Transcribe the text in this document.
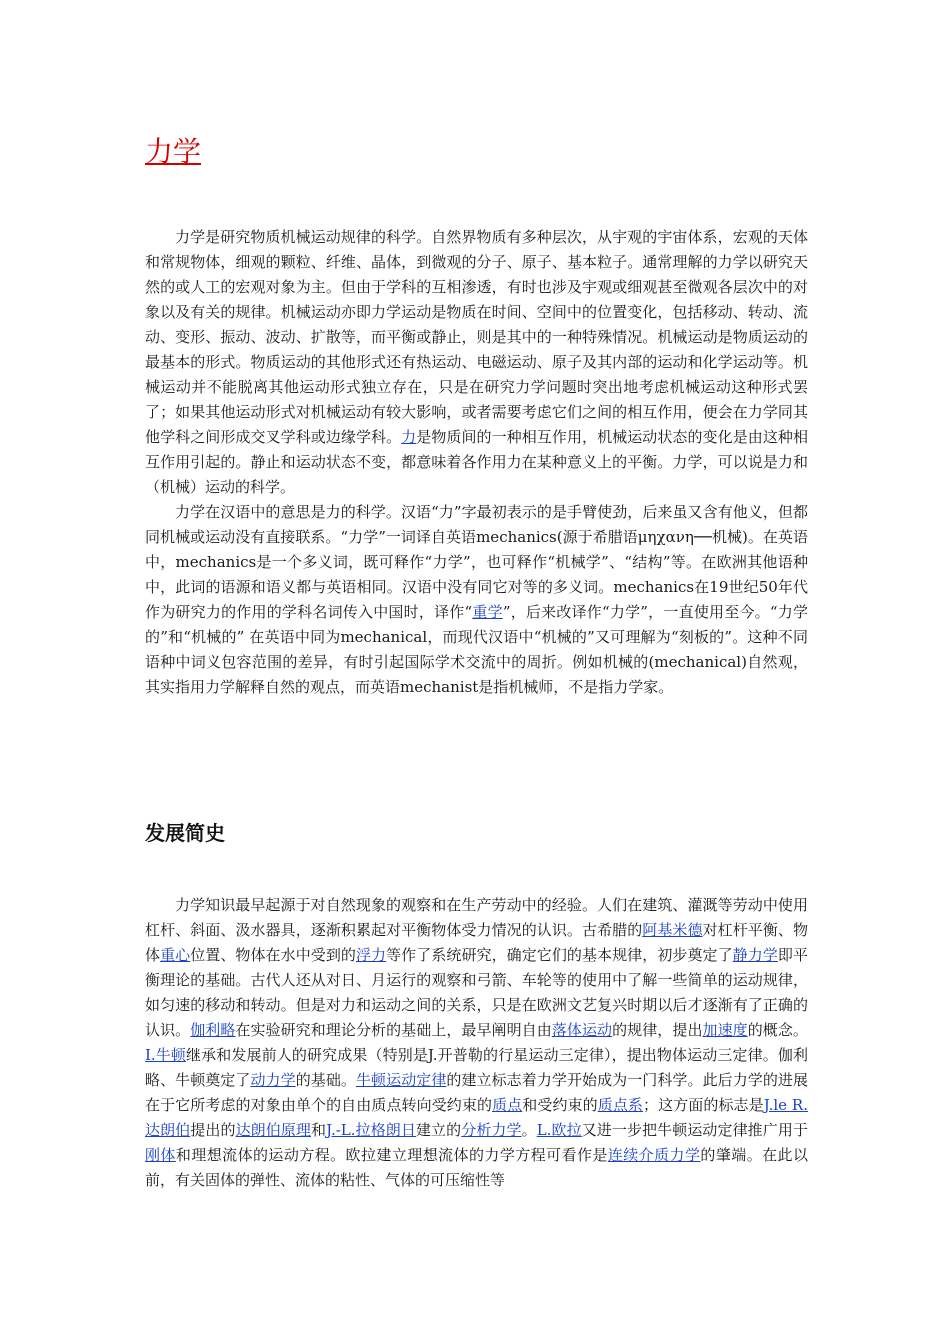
力学

力学是研究物质机械运动规律的科学。自然界物质有多种层次，从宇观的宇宙体系，宏观的天体和常规物体，细观的颗粒、纤维、晶体，到微观的分子、原子、基本粒子。通常理解的力学以研究天然的或人工的宏观对象为主。但由于学科的互相渗透，有时也涉及宇观或细观甚至微观各层次中的对象以及有关的规律。机械运动亦即力学运动是物质在时间、空间中的位置变化，包括移动、转动、流动、变形、振动、波动、扩散等，而平衡或静止，则是其中的一种特殊情况。机械运动是物质运动的最基本的形式。物质运动的其他形式还有热运动、电磁运动、原子及其内部的运动和化学运动等。机械运动并不能脱离其他运动形式独立存在，只是在研究力学问题时突出地考虑机械运动这种形式罢了；如果其他运动形式对机械运动有较大影响，或者需要考虑它们之间的相互作用，便会在力学同其他学科之间形成交叉学科或边缘学科。力是物质间的一种相互作用，机械运动状态的变化是由这种相互作用引起的。静止和运动状态不变，都意味着各作用力在某种意义上的平衡。力学，可以说是力和（机械）运动的科学。

力学在汉语中的意思是力的科学。汉语“力”字最初表示的是手臂使劲，后来虽又含有他义，但都同机械或运动没有直接联系。“力学”一词译自英语mechanics(源于希腊语μηχανη──机械)。在英语中，mechanics是一个多义词，既可释作“力学”，也可释作“机械学”、“结构”等。在欧洲其他语种中，此词的语源和语义都与英语相同。汉语中没有同它对等的多义词。mechanics在19世纪50年代作为研究力的作用的学科名词传入中国时，译作“重学”，后来改译作“力学”，一直使用至今。“力学的”和“机械的” 在英语中同为mechanical，而现代汉语中“机械的”又可理解为“刻板的”。这种不同语种中词义包容范围的差异，有时引起国际学术交流中的周折。例如机械的(mechanical)自然观，其实指用力学解释自然的观点，而英语mechanist是指机械师，不是指力学家。

发展简史

力学知识最早起源于对自然现象的观察和在生产劳动中的经验。人们在建筑、灌溉等劳动中使用杠杆、斜面、汲水器具，逐渐积累起对平衡物体受力情况的认识。古希腊的阿基米德对杠杆平衡、物体重心位置、物体在水中受到的浮力等作了系统研究，确定它们的基本规律，初步奠定了静力学即平衡理论的基础。古代人还从对日、月运行的观察和弓箭、车轮等的使用中了解一些简单的运动规律，如匀速的移动和转动。但是对力和运动之间的关系，只是在欧洲文艺复兴时期以后才逐渐有了正确的认识。伽利略在实验研究和理论分析的基础上，最早阐明自由落体运动的规律，提出加速度的概念。I.牛顿继承和发展前人的研究成果（特别是J.开普勒的行星运动三定律），提出物体运动三定律。伽利略、牛顿奠定了动力学的基础。牛顿运动定律的建立标志着力学开始成为一门科学。此后力学的进展在于它所考虑的对象由单个的自由质点转向受约束的质点和受约束的质点系；这方面的标志是J.le R.达朗伯提出的达朗伯原理和J.-L.拉格朗日建立的分析力学。L.欧拉又进一步把牛顿运动定律推广用于刚体和理想流体的运动方程。欧拉建立理想流体的力学方程可看作是连续介质力学的肇端。在此以前，有关固体的弹性、流体的粘性、气体的可压缩性等
